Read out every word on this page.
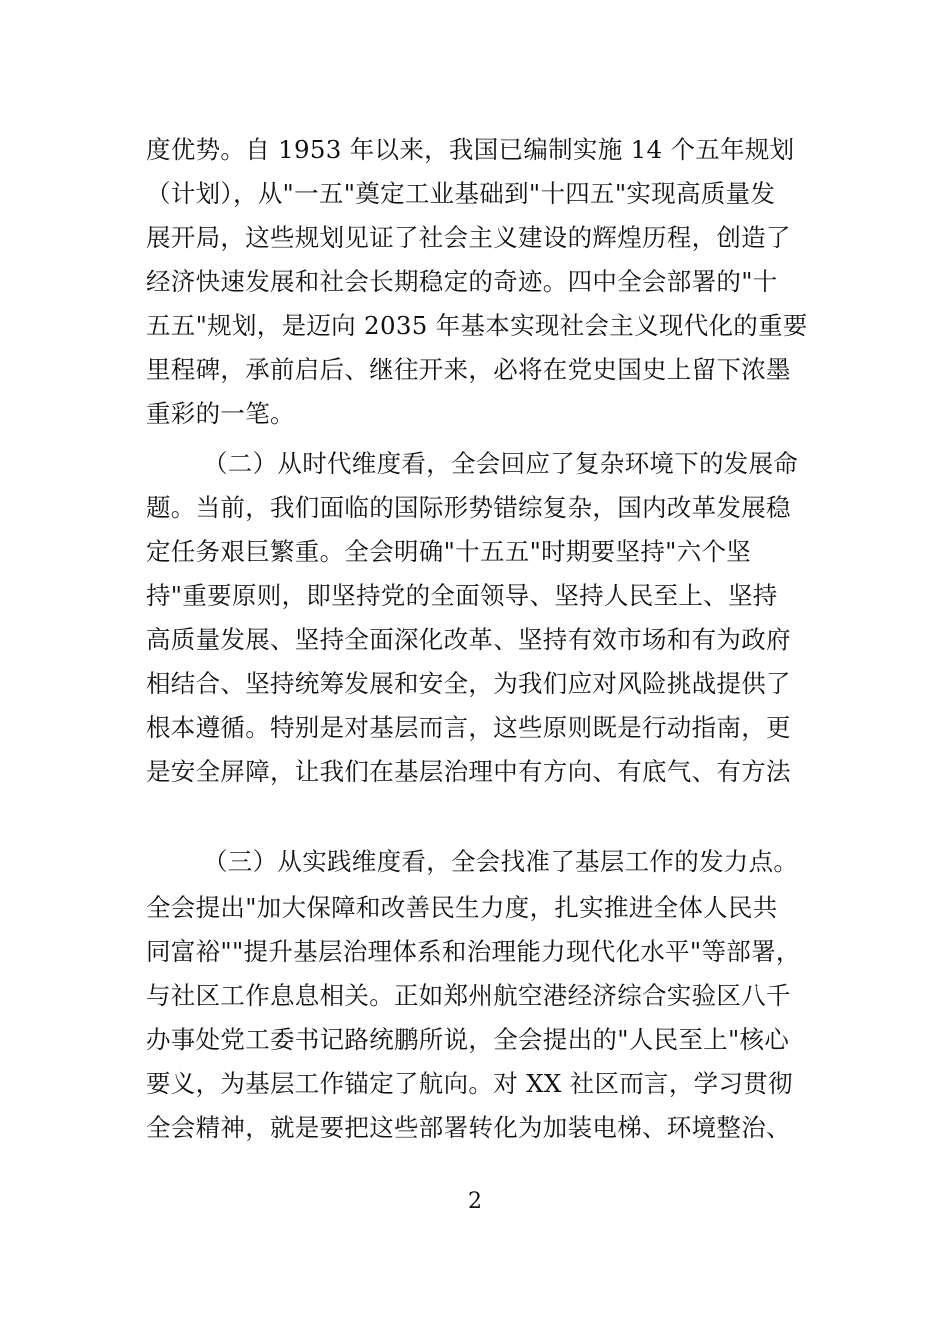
度优势。自 1953 年以来，我国已编制实施 14 个五年规划
（计划），从"一五"奠定工业基础到"十四五"实现高质量发
展开局，这些规划见证了社会主义建设的辉煌历程，创造了
经济快速发展和社会长期稳定的奇迹。四中全会部署的"十
五五"规划，是迈向 2035 年基本实现社会主义现代化的重要
里程碑，承前启后、继往开来，必将在党史国史上留下浓墨
重彩的一笔。
（二）从时代维度看，全会回应了复杂环境下的发展命
题。当前，我们面临的国际形势错综复杂，国内改革发展稳
定任务艰巨繁重。全会明确"十五五"时期要坚持"六个坚
持"重要原则，即坚持党的全面领导、坚持人民至上、坚持
高质量发展、坚持全面深化改革、坚持有效市场和有为政府
相结合、坚持统筹发展和安全，为我们应对风险挑战提供了
根本遵循。特别是对基层而言，这些原则既是行动指南，更
是安全屏障，让我们在基层治理中有方向、有底气、有方法
（三）从实践维度看，全会找准了基层工作的发力点。
全会提出"加大保障和改善民生力度，扎实推进全体人民共
同富裕""提升基层治理体系和治理能力现代化水平"等部署，
与社区工作息息相关。正如郑州航空港经济综合实验区八千
办事处党工委书记路统鹏所说，全会提出的"人民至上"核心
要义，为基层工作锚定了航向。对 XX 社区而言，学习贯彻
全会精神，就是要把这些部署转化为加装电梯、环境整治、
2
